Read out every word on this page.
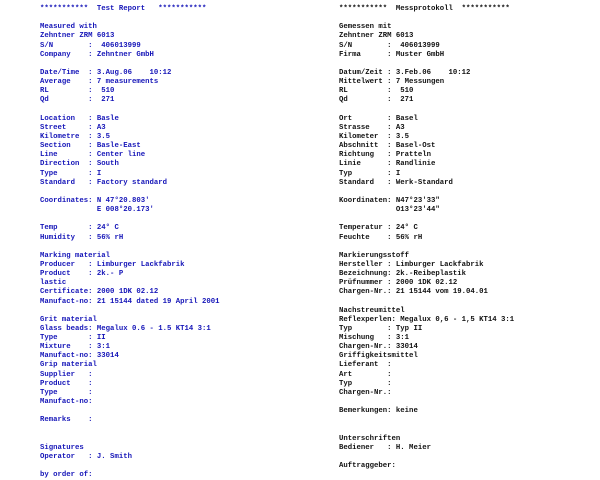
***********  Test Report   ***********
Measured with
Zehntner ZRM 6013
S/N        :  406013999
Company    : Zehntner GmbH
Date/Time  : 3.Aug.06    10:12
Average    : 7 measurements
RL         :  510
Qd         :  271
Location   : Basle
Street     : A3
Kilometre  : 3.5
Section    : Basle-East
Line       : Center line
Direction  : South
Type       : I
Standard   : Factory standard
Coordinates: N 47°20.803'
E 008°20.173'
Temp       : 24° C
Humidity   : 56% rH
Marking material
Producer   : Limburger Lackfabrik
Product    : 2k.- P
lastic
Certificate: 2000 1DK 02.12
Manufact-no: 21 15144 dated 19 April 2001
Grit material
Glass beads: Megalux 0.6 - 1.5 KT14 3:1
Type       : II
Mixture    : 3:1
Manufact-no: 33014
Grip material
Supplier   :
Product    :
Type       :
Manufact-no:
Remarks    :
Signatures
Operator   : J. Smith
by order of:
***********  Messprotokoll  ***********
Gemessen mit
Zehntner ZRM 6013
S/N        :  406013999
Firma      : Muster GmbH
Datum/Zeit : 3.Feb.06    10:12
Mittelwert : 7 Messungen
RL         :  510
Qd         :  271
Ort        : Basel
Strasse    : A3
Kilometer  : 3.5
Abschnitt  : Basel-Ost
Richtung   : Pratteln
Linie      : Randlinie
Typ        : I
Standard   : Werk-Standard
Koordinaten: N47°23'33"
O13°23'44"
Temperatur : 24° C
Feuchte    : 56% rH
Markierungsstoff
Hersteller : Limburger Lackfabrik
Bezeichnung: 2k.-Reibeplastik
Prüfnummer : 2000 1DK 02.12
Chargen-Nr.: 21 15144 vom 19.04.01
Nachstreumittel
Reflexperlen: Megalux 0,6 - 1,5 KT14 3:1
Typ        : Typ II
Mischung   : 3:1
Chargen-Nr.: 33014
Griffigkeitsmittel
Lieferant  :
Art        :
Typ        :
Chargen-Nr.:
Bemerkungen: keine
Unterschriften
Bediener   : H. Meier
Auftraggeber:
